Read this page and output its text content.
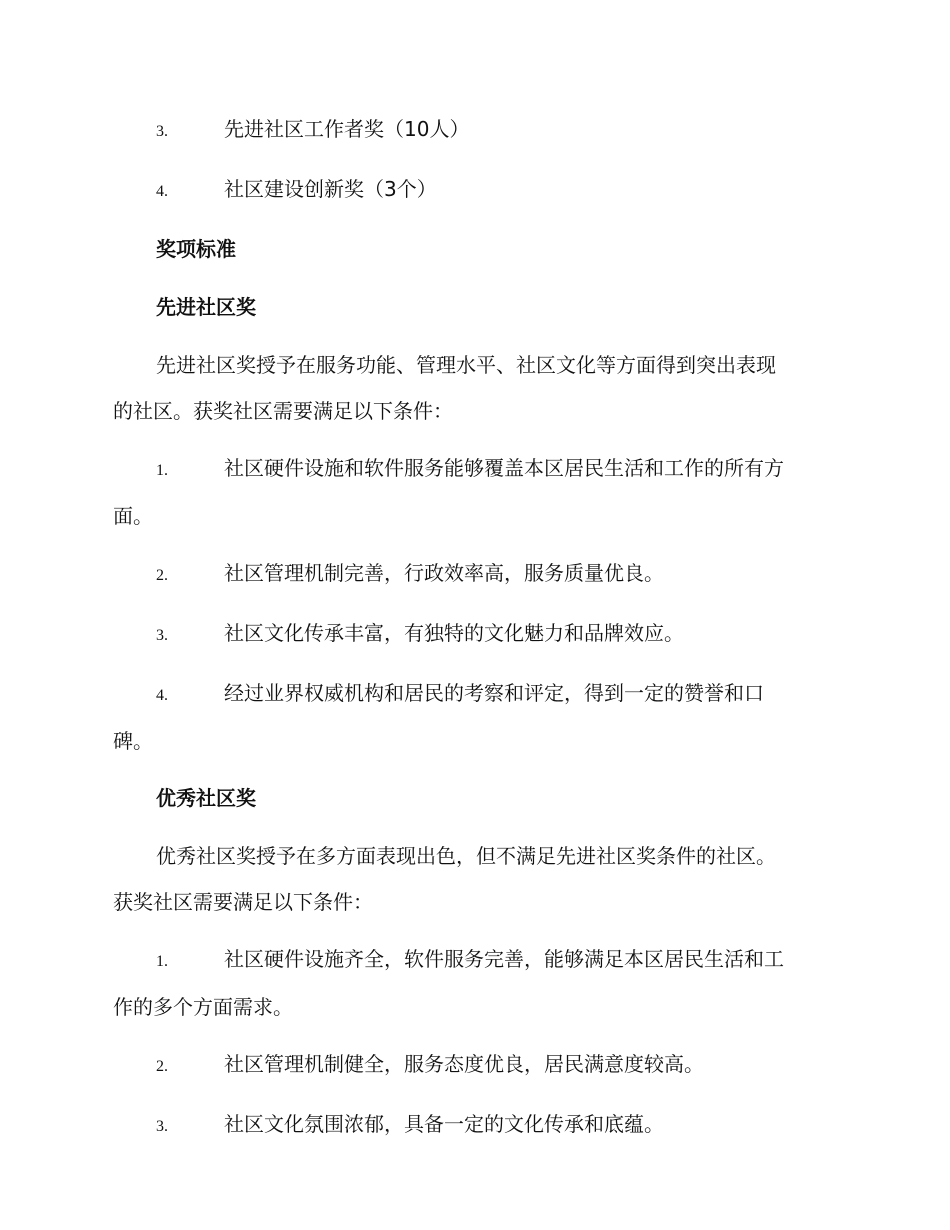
3.	先进社区工作者奖（10人）
4.	社区建设创新奖（3个）
奖项标准
先进社区奖
先进社区奖授予在服务功能、管理水平、社区文化等方面得到突出表现
的社区。获奖社区需要满足以下条件：
1.	社区硬件设施和软件服务能够覆盖本区居民生活和工作的所有方
面。
2.	社区管理机制完善，行政效率高，服务质量优良。
3.	社区文化传承丰富，有独特的文化魅力和品牌效应。
4.	经过业界权威机构和居民的考察和评定，得到一定的赞誉和口
碑。
优秀社区奖
优秀社区奖授予在多方面表现出色，但不满足先进社区奖条件的社区。
获奖社区需要满足以下条件：
1.	社区硬件设施齐全，软件服务完善，能够满足本区居民生活和工
作的多个方面需求。
2.	社区管理机制健全，服务态度优良，居民满意度较高。
3.	社区文化氛围浓郁，具备一定的文化传承和底蕴。
